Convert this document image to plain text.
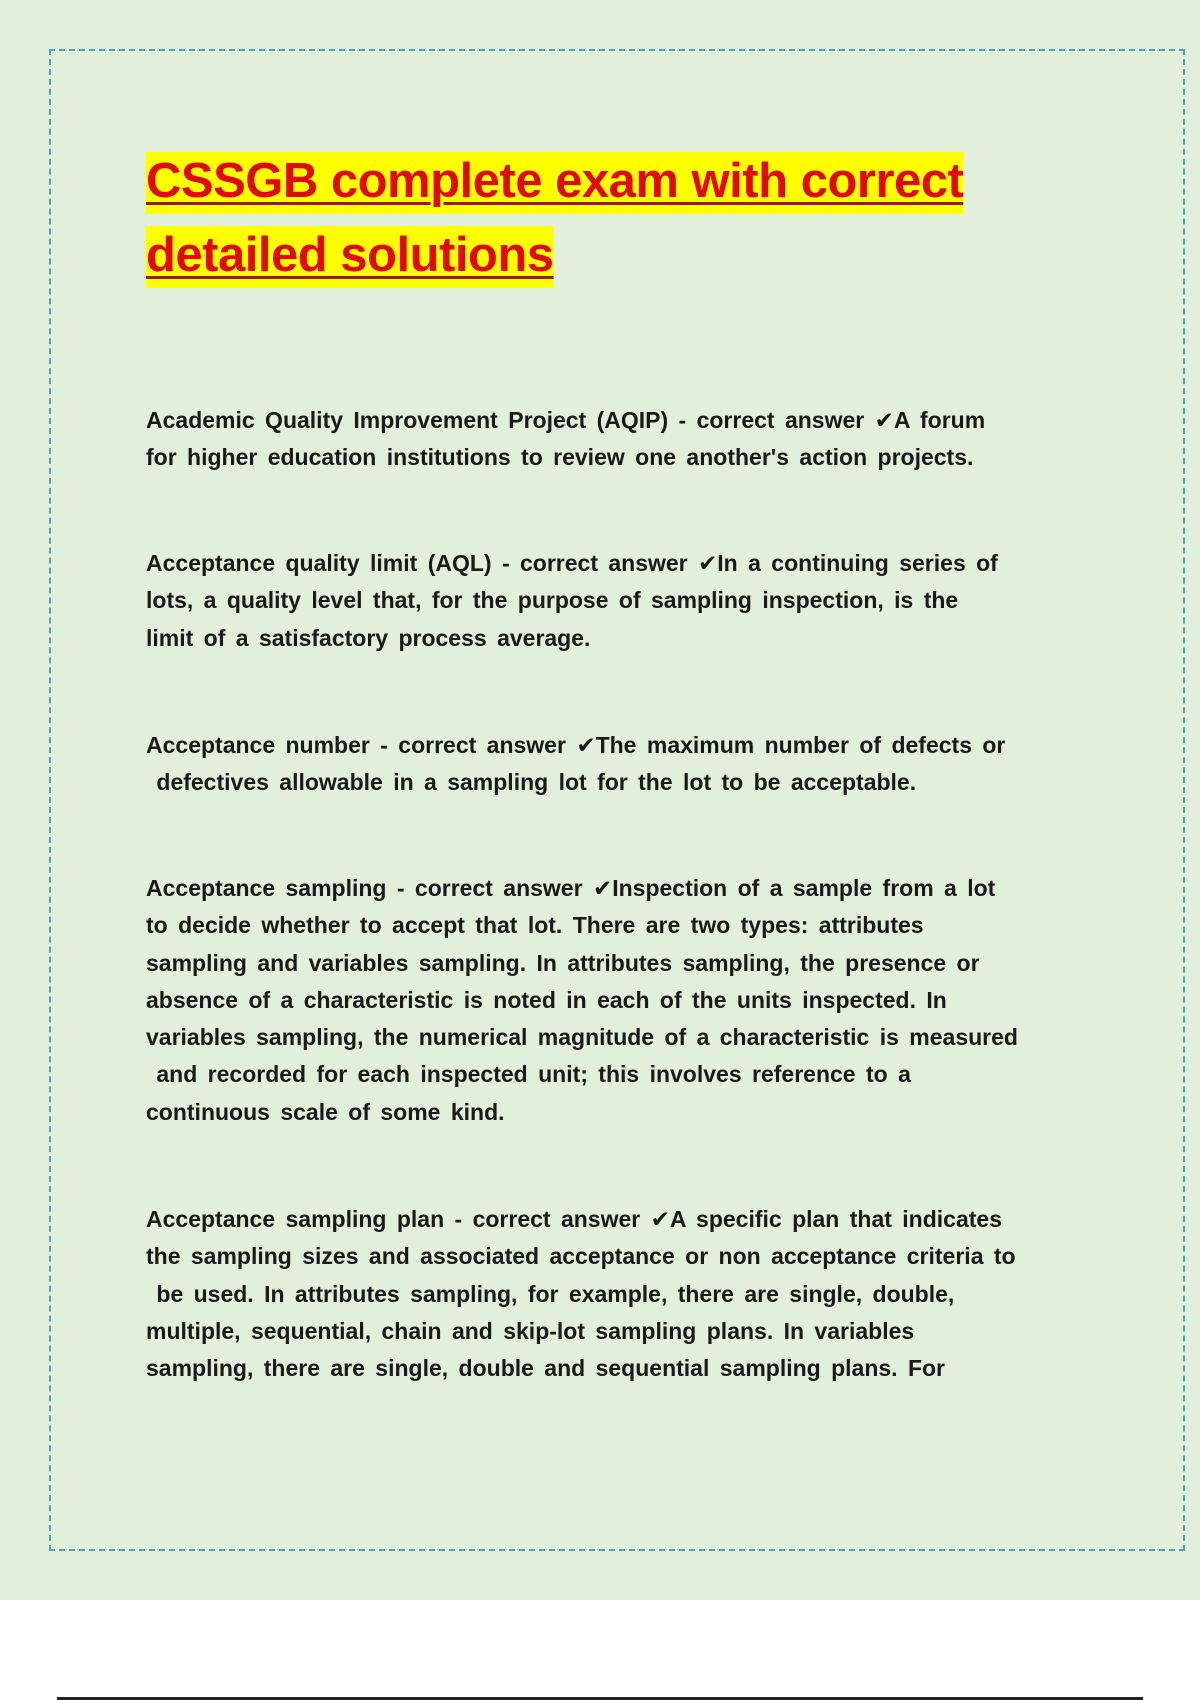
CSSGB complete exam with correct
detailed solutions
Academic Quality Improvement Project (AQIP) - correct answer ✔A forum
for higher education institutions to review one another's action projects.
Acceptance quality limit (AQL) - correct answer ✔In a continuing series of
lots, a quality level that, for the purpose of sampling inspection, is the
limit of a satisfactory process average.
Acceptance number - correct answer ✔The maximum number of defects or
defectives allowable in a sampling lot for the lot to be acceptable.
Acceptance sampling - correct answer ✔Inspection of a sample from a lot
to decide whether to accept that lot. There are two types: attributes
sampling and variables sampling. In attributes sampling, the presence or
absence of a characteristic is noted in each of the units inspected. In
variables sampling, the numerical magnitude of a characteristic is measured
and recorded for each inspected unit; this involves reference to a
continuous scale of some kind.
Acceptance sampling plan - correct answer ✔A specific plan that indicates
the sampling sizes and associated acceptance or non acceptance criteria to
be used. In attributes sampling, for example, there are single, double,
multiple, sequential, chain and skip-lot sampling plans. In variables
sampling, there are single, double and sequential sampling plans. For
